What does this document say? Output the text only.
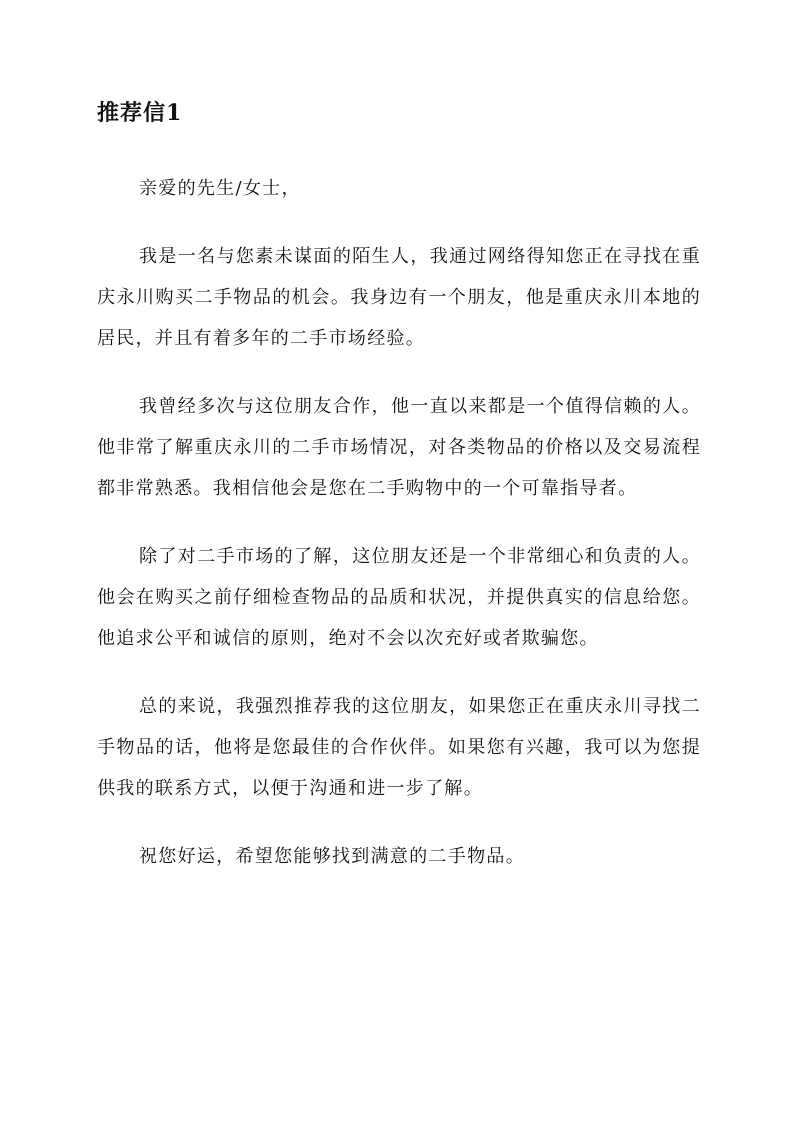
推荐信1

亲爱的先生/女士，

我是一名与您素未谋面的陌生人，我通过网络得知您正在寻找在重庆永川购买二手物品的机会。我身边有一个朋友，他是重庆永川本地的居民，并且有着多年的二手市场经验。

我曾经多次与这位朋友合作，他一直以来都是一个值得信赖的人。他非常了解重庆永川的二手市场情况，对各类物品的价格以及交易流程都非常熟悉。我相信他会是您在二手购物中的一个可靠指导者。

除了对二手市场的了解，这位朋友还是一个非常细心和负责的人。他会在购买之前仔细检查物品的品质和状况，并提供真实的信息给您。他追求公平和诚信的原则，绝对不会以次充好或者欺骗您。

总的来说，我强烈推荐我的这位朋友，如果您正在重庆永川寻找二手物品的话，他将是您最佳的合作伙伴。如果您有兴趣，我可以为您提供我的联系方式，以便于沟通和进一步了解。

祝您好运，希望您能够找到满意的二手物品。
